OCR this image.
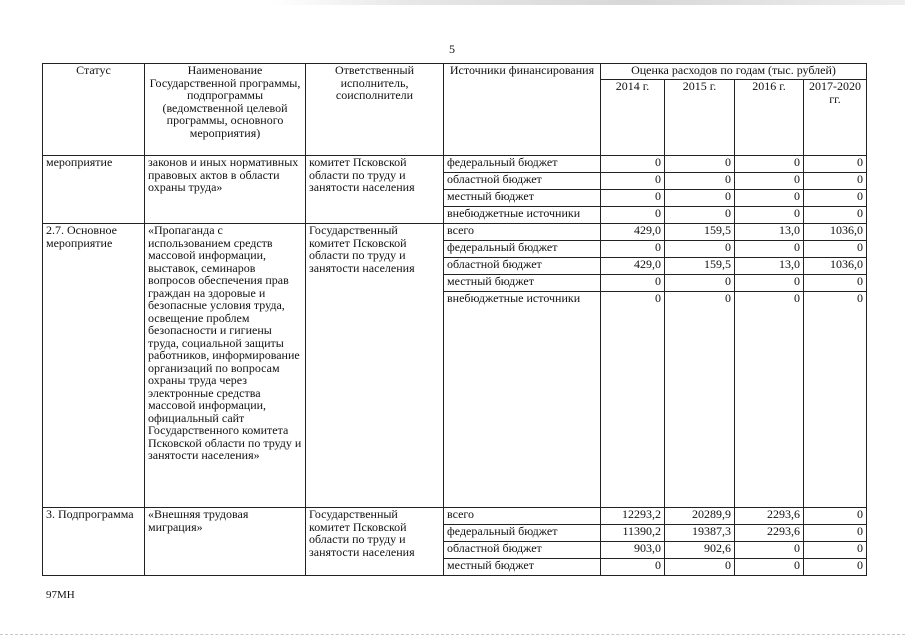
5
Статус	Наименование Государственной программы, подпрограммы (ведомственной целевой программы, основного мероприятия)	Ответственный исполнитель, соисполнители	Источники финансирования	Оценка расходов по годам (тыс. рублей)			
				2014 г.	2015 г.	2016 г.	2017-2020 гг.
мероприятие	законов и иных нормативных правовых актов в области охраны труда»	комитет Псковской области по труду и занятости населения	федеральный бюджет	0	0	0	0
			областной бюджет	0	0	0	0
			местный бюджет	0	0	0	0
			внебюджетные источники	0	0	0	0
2.7. Основное мероприятие	«Пропаганда с использованием средств массовой информации, выставок, семинаров вопросов обеспечения прав граждан на здоровые и безопасные условия труда, освещение проблем безопасности и гигиены труда, социальной защиты работников, информирование организаций по вопросам охраны труда через электронные средства массовой информации, официальный сайт Государственного комитета Псковской области по труду и занятости населения»	Государственный комитет Псковской области по труду и занятости населения	всего	429,0	159,5	13,0	1036,0
			федеральный бюджет	0	0	0	0
			областной бюджет	429,0	159,5	13,0	1036,0
			местный бюджет	0	0	0	0
			внебюджетные источники	0	0	0	0
3. Подпрограмма	«Внешняя трудовая миграция»	Государственный комитет Псковской области по труду и занятости населения	всего	12293,2	20289,9	2293,6	0
			федеральный бюджет	11390,2	19387,3	2293,6	0
			областной бюджет	903,0	902,6	0	0
			местный бюджет	0	0	0	0
97МН
